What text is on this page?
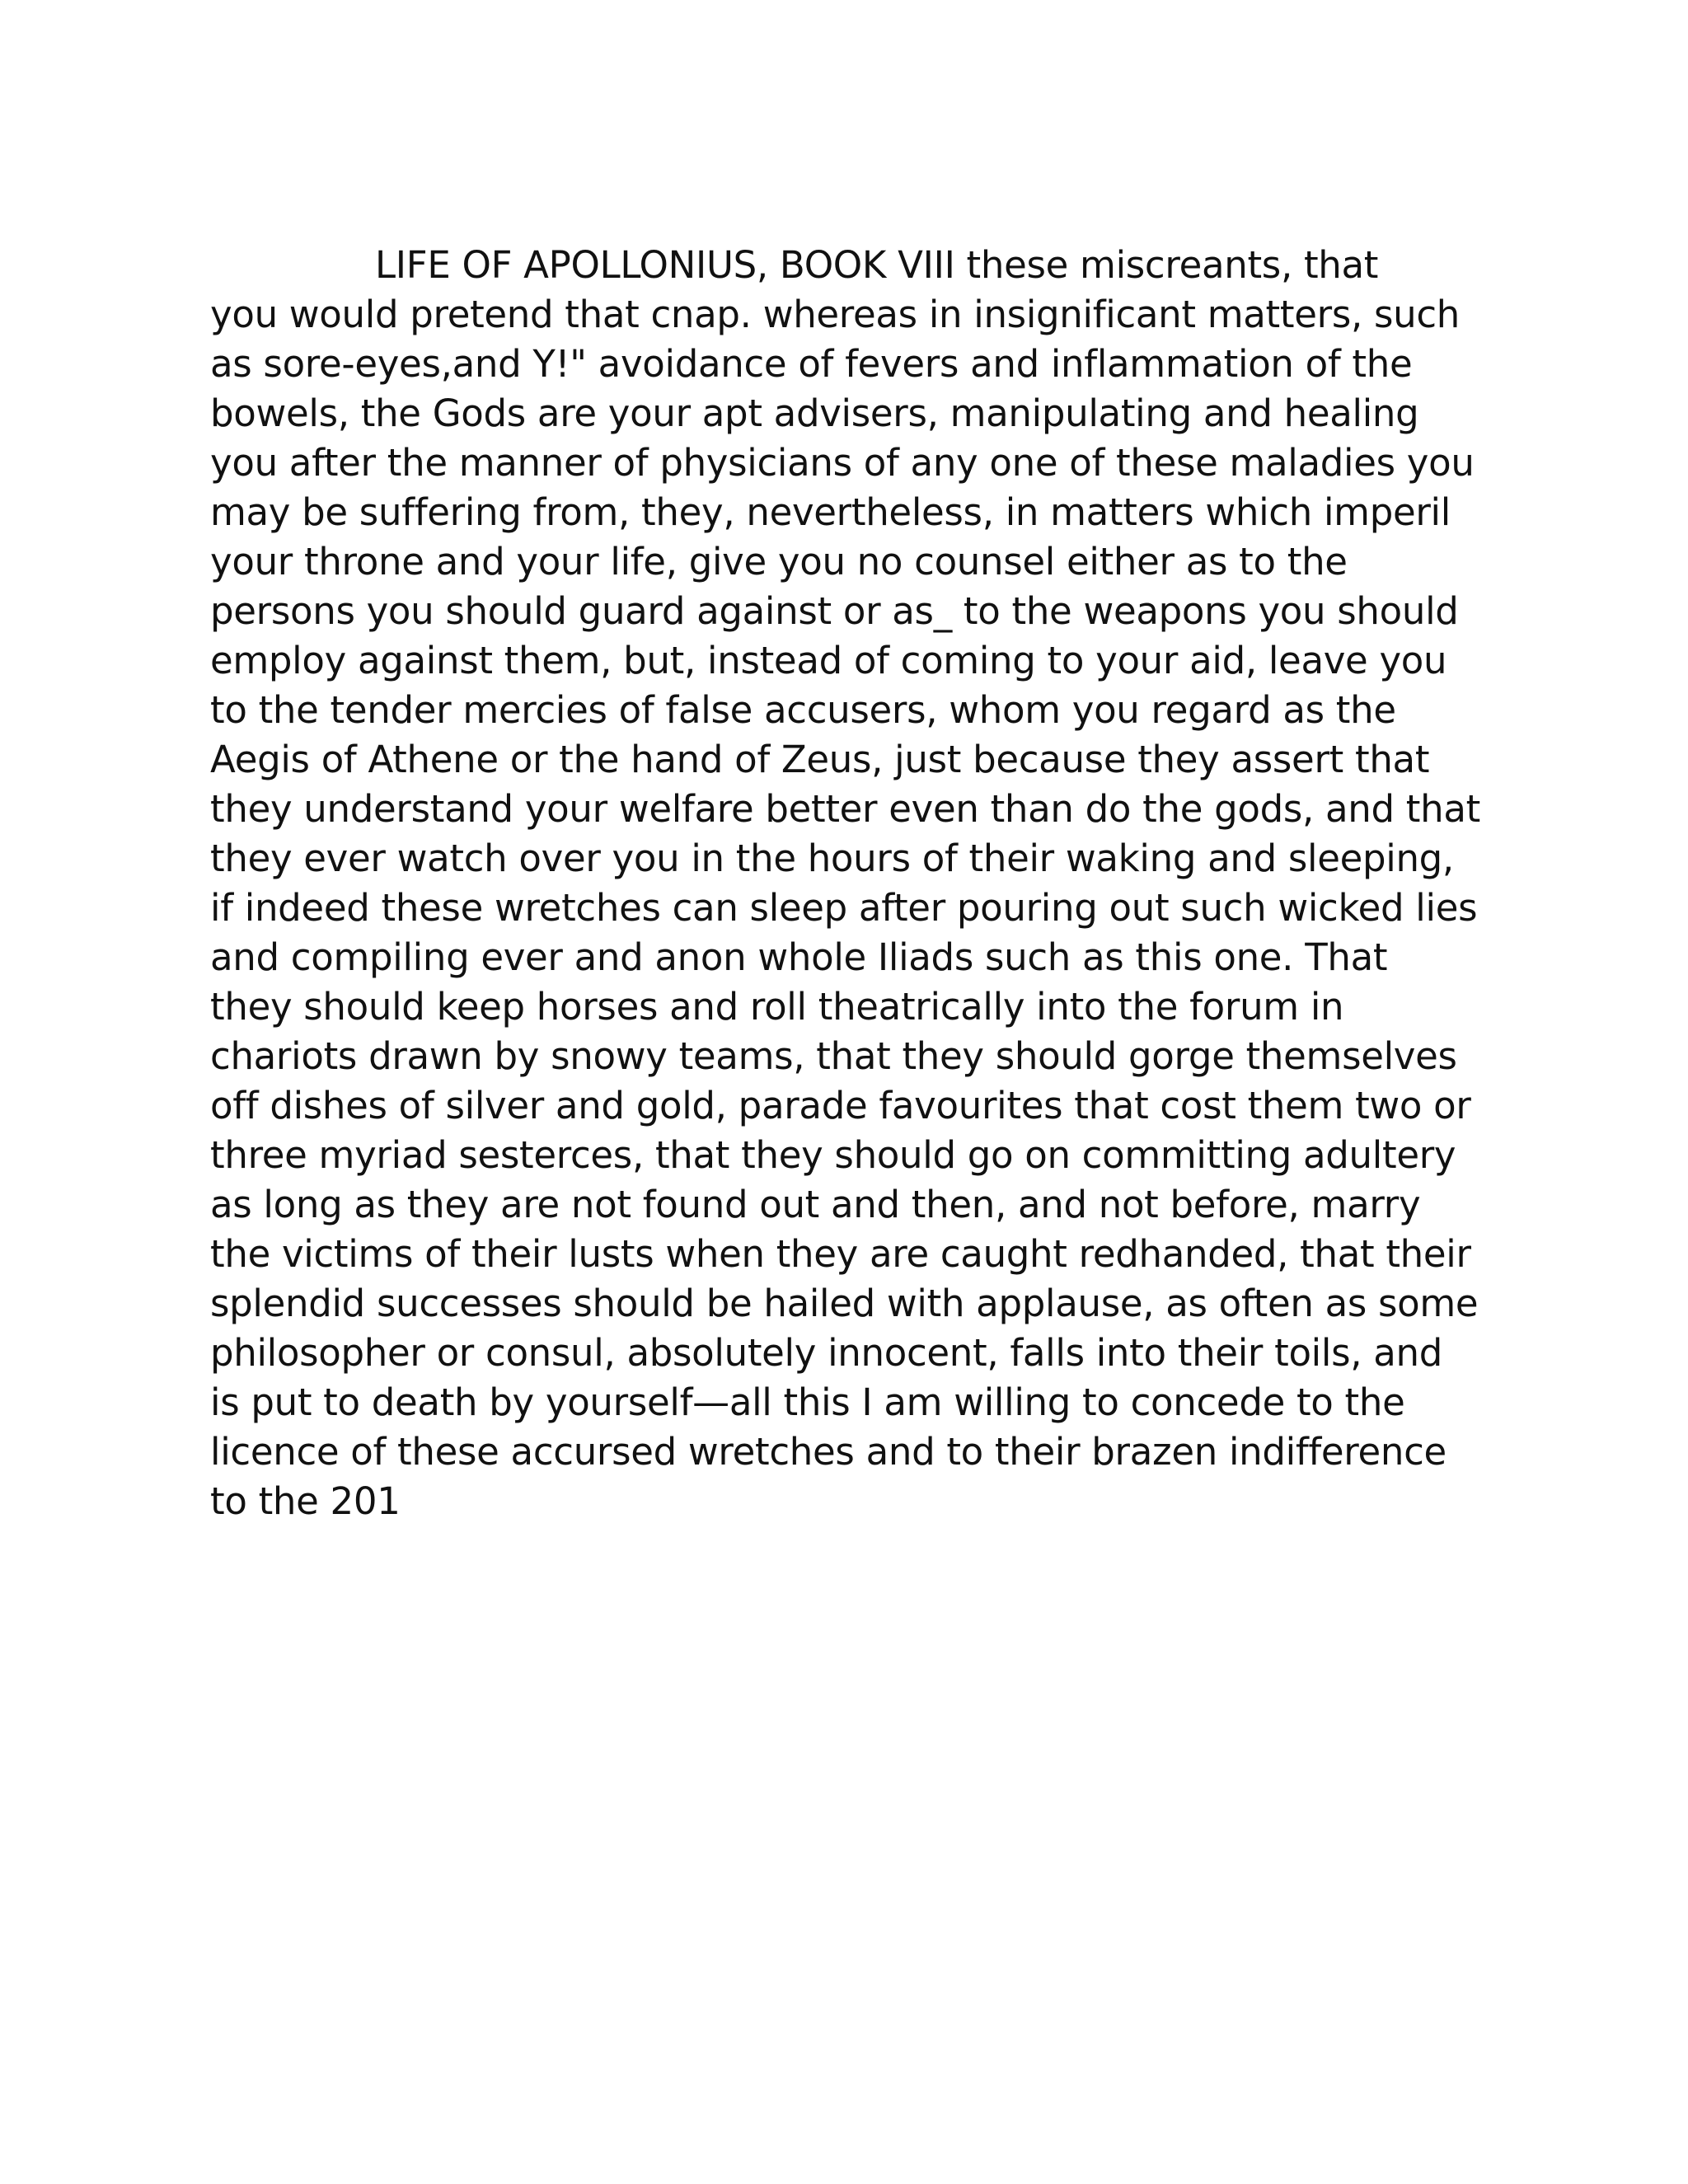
LIFE OF APOLLONIUS, BOOK VIII these miscreants, that
you would pretend that cnap. whereas in insignificant matters, such
as sore-eyes,and Y!" avoidance of fevers and inflammation of the
bowels, the Gods are your apt advisers, manipulating and healing
you after the manner of physicians of any one of these maladies you
may be suffering from, they, nevertheless, in matters which imperil
your throne and your life, give you no counsel either as to the
persons you should guard against or as_ to the weapons you should
employ against them, but, instead of coming to your aid, leave you
to the tender mercies of false accusers, whom you regard as the
Aegis of Athene or the hand of Zeus, just because they assert that
they understand your welfare better even than do the gods, and that
they ever watch over you in the hours of their waking and sleeping,
if indeed these wretches can sleep after pouring out such wicked lies
and compiling ever and anon whole Iliads such as this one. That
they should keep horses and roll theatrically into the forum in
chariots drawn by snowy teams, that they should gorge themselves
off dishes of silver and gold, parade favourites that cost them two or
three myriad sesterces, that they should go on committing adultery
as long as they are not found out and then, and not before, marry
the victims of their lusts when they are caught redhanded, that their
splendid successes should be hailed with applause, as often as some
philosopher or consul, absolutely innocent, falls into their toils, and
is put to death by yourself—all this I am willing to concede to the
licence of these accursed wretches and to their brazen indifference
to the 201
